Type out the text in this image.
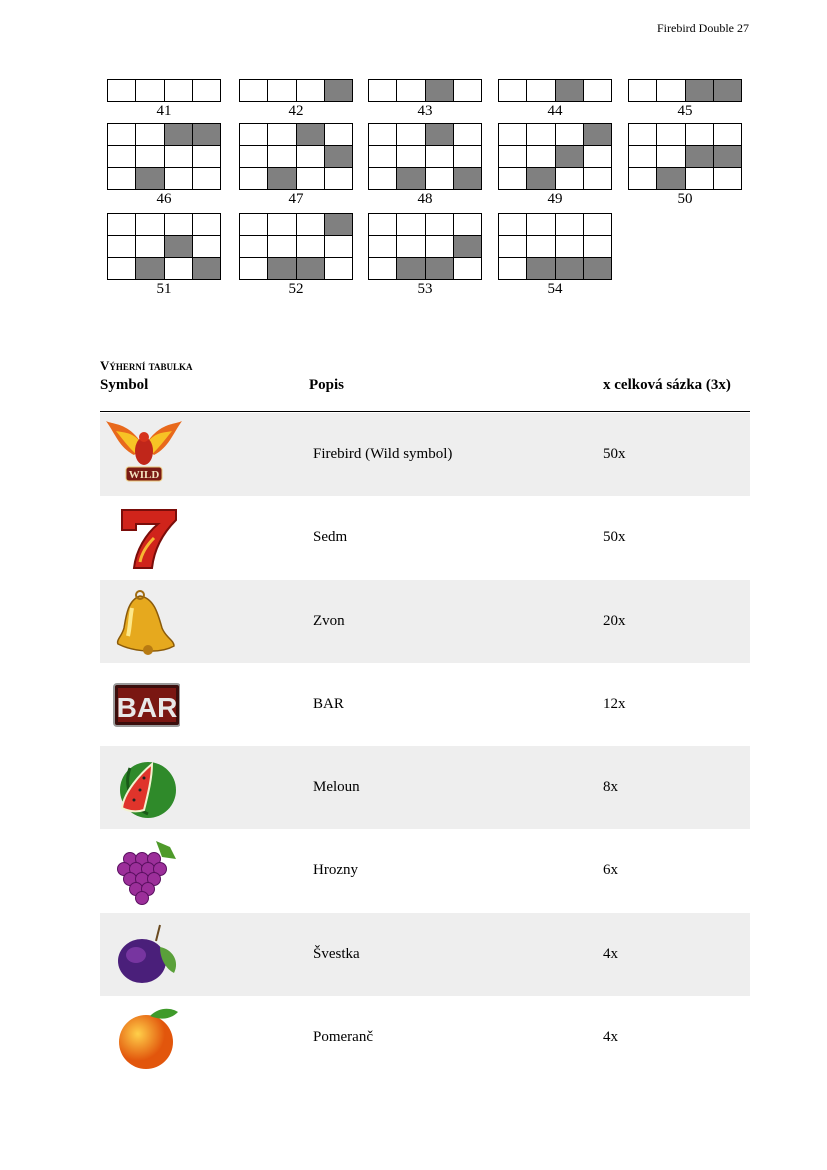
Firebird Double 27
41	42	43	44	45
46	47	48	49	50
51	52	53	54
Výherní tabulka
Symbol	Popis	x celková sázka (3x)
WILD
Firebird (Wild symbol)	50x
Sedm	50x
Zvon	20x
BAR	BAR	12x
Meloun	8x
Hrozny	6x
Švestka	4x
Pomeranč	4x
